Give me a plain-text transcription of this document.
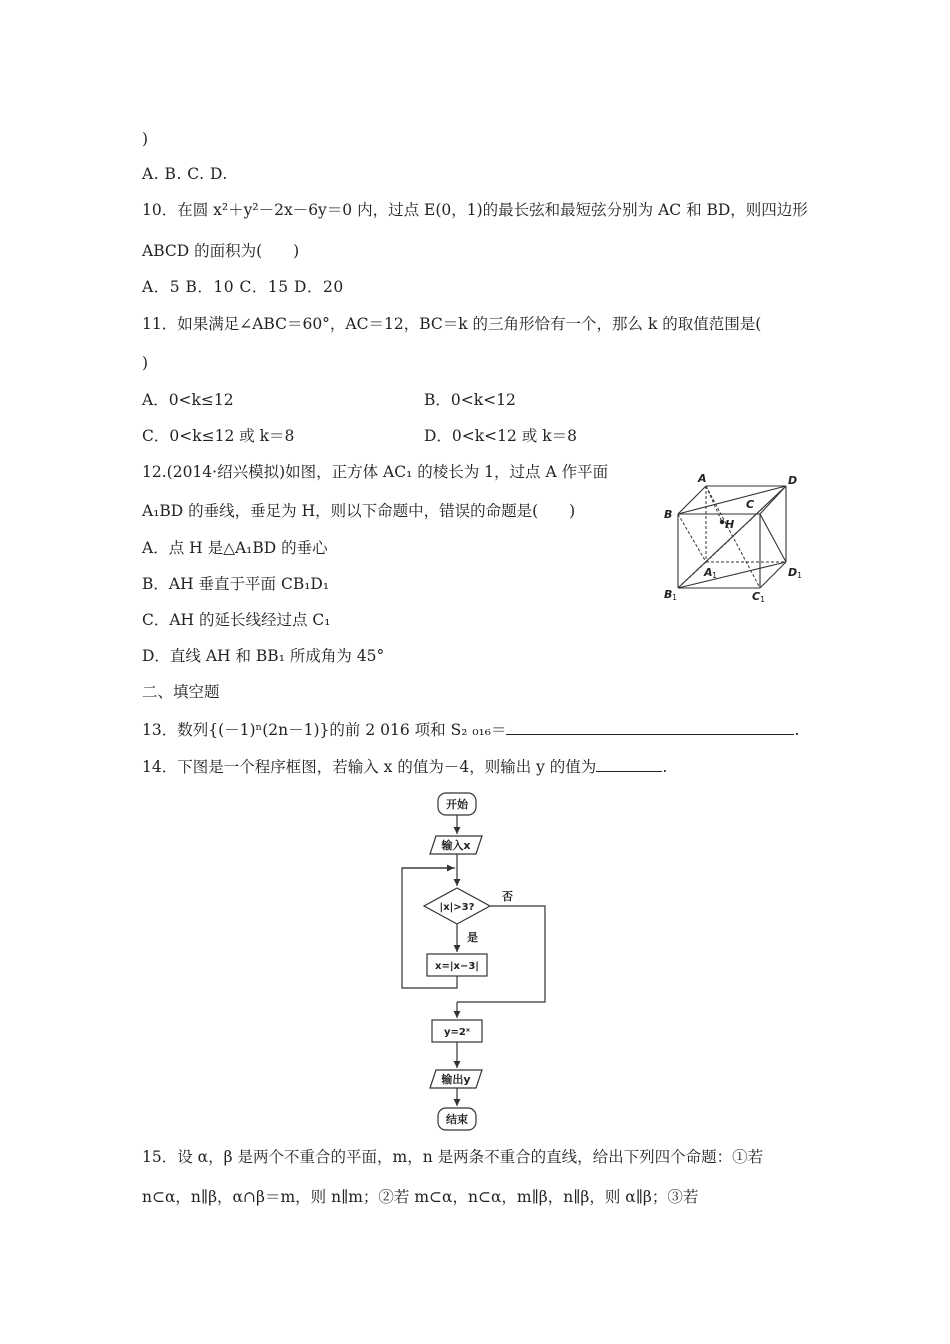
)
A. B. C. D.
10．在圆 x²＋y²－2x－6y＝0 内，过点 E(0，1)的最长弦和最短弦分别为 AC 和 BD，则四边形
ABCD 的面积为(　　)
A．5 B．10 C．15 D．20
11．如果满足∠ABC＝60°，AC＝12，BC＝k 的三角形恰有一个，那么 k 的取值范围是(
)
A．0<k≤12	B．0<k<12
C．0<k≤12 或 k＝8	D．0<k<12 或 k＝8
12.(2014·绍兴模拟)如图，正方体 AC₁ 的棱长为 1，过点 A 作平面
A₁BD 的垂线，垂足为 H，则以下命题中，错误的命题是(　　)
A．点 H 是△A₁BD 的垂心
B．AH 垂直于平面 CB₁D₁
C．AH 的延长线经过点 C₁
D．直线 AH 和 BB₁ 所成角为 45°
A
B
C
D
H
A
B	C
D
1
1	1
1
二、填空题
13．数列{(－1)ⁿ(2n－1)}的前 2 016 项和 S₂ ₀₁₆＝	.
14．下图是一个程序框图，若输入 x 的值为－4，则输出 y 的值为	.
开始
输入x
|x|>3?
是
否
x=|x−3|
y=2ˣ
输出y
结束
15．设 α，β 是两个不重合的平面，m，n 是两条不重合的直线，给出下列四个命题：①若
n⊂α，n∥β，α∩β＝m，则 n∥m；②若 m⊂α，n⊂α，m∥β，n∥β，则 α∥β；③若
